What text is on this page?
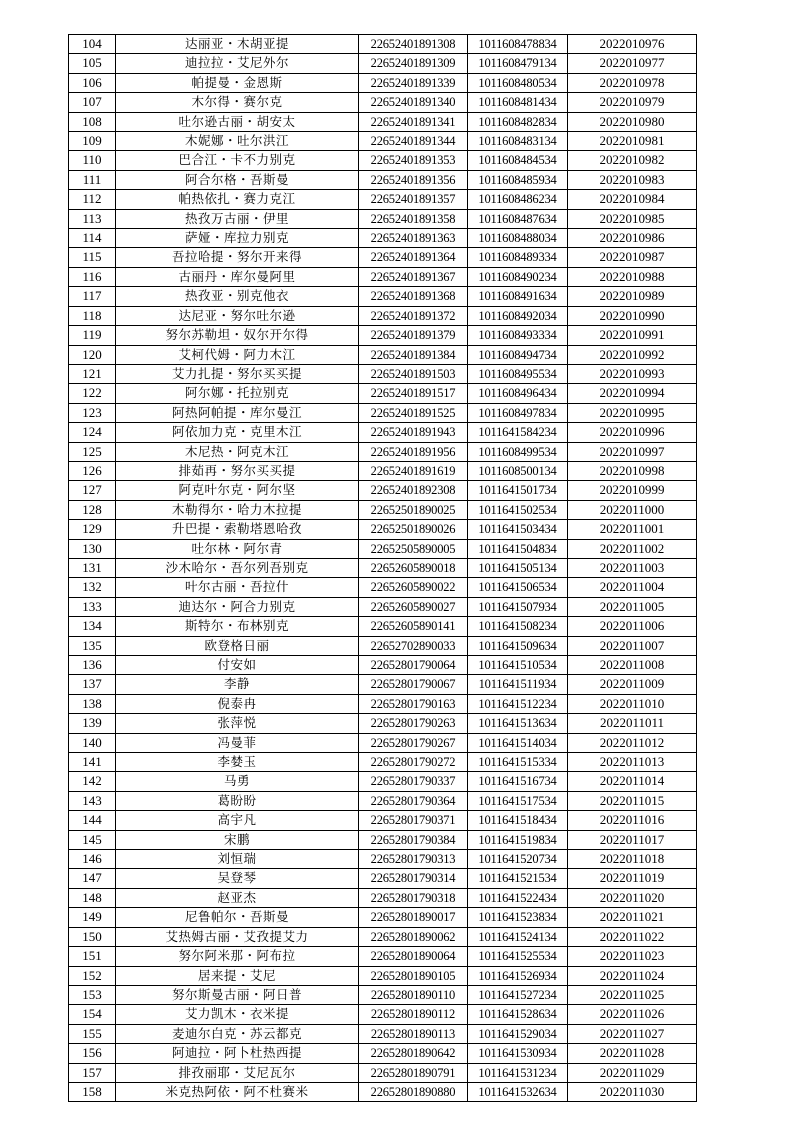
104	达丽亚・木胡亚提	22652401891308	1011608478834	2022010976
105	迪拉拉・艾尼外尔	22652401891309	1011608479134	2022010977
106	帕提曼・金恩斯	22652401891339	1011608480534	2022010978
107	木尔得・赛尔克	22652401891340	1011608481434	2022010979
108	吐尔逊古丽・胡安太	22652401891341	1011608482834	2022010980
109	木妮娜・吐尔洪江	22652401891344	1011608483134	2022010981
110	巴合江・卡不力别克	22652401891353	1011608484534	2022010982
111	阿合尔格・吾斯曼	22652401891356	1011608485934	2022010983
112	帕热依扎・赛力克江	22652401891357	1011608486234	2022010984
113	热孜万古丽・伊里	22652401891358	1011608487634	2022010985
114	萨娅・库拉力别克	22652401891363	1011608488034	2022010986
115	吾拉哈提・努尔开来得	22652401891364	1011608489334	2022010987
116	古丽丹・库尔曼阿里	22652401891367	1011608490234	2022010988
117	热孜亚・别克他衣	22652401891368	1011608491634	2022010989
118	达尼亚・努尔吐尔逊	22652401891372	1011608492034	2022010990
119	努尔苏勒坦・奴尔开尔得	22652401891379	1011608493334	2022010991
120	艾柯代姆・阿力木江	22652401891384	1011608494734	2022010992
121	艾力扎提・努尔买买提	22652401891503	1011608495534	2022010993
122	阿尔娜・托拉别克	22652401891517	1011608496434	2022010994
123	阿热阿帕提・库尔曼江	22652401891525	1011608497834	2022010995
124	阿依加力克・克里木江	22652401891943	1011641584234	2022010996
125	木尼热・阿克木江	22652401891956	1011608499534	2022010997
126	排茹再・努尔买买提	22652401891619	1011608500134	2022010998
127	阿克叶尔克・阿尔坚	22652401892308	1011641501734	2022010999
128	木勒得尔・哈力木拉提	22652501890025	1011641502534	2022011000
129	升巴提・索勒塔恩哈孜	22652501890026	1011641503434	2022011001
130	吐尔林・阿尔青	22652505890005	1011641504834	2022011002
131	沙木哈尔・吾尔列吾别克	22652605890018	1011641505134	2022011003
132	叶尔古丽・吾拉什	22652605890022	1011641506534	2022011004
133	迪达尔・阿合力别克	22652605890027	1011641507934	2022011005
134	斯特尔・布林别克	22652605890141	1011641508234	2022011006
135	欧登格日丽	22652702890033	1011641509634	2022011007
136	付安如	22652801790064	1011641510534	2022011008
137	李静	22652801790067	1011641511934	2022011009
138	倪泰冉	22652801790163	1011641512234	2022011010
139	张萍悦	22652801790263	1011641513634	2022011011
140	冯曼菲	22652801790267	1011641514034	2022011012
141	李婪玉	22652801790272	1011641515334	2022011013
142	马勇	22652801790337	1011641516734	2022011014
143	葛盼盼	22652801790364	1011641517534	2022011015
144	高宇凡	22652801790371	1011641518434	2022011016
145	宋鹏	22652801790384	1011641519834	2022011017
146	刘恒瑞	22652801790313	1011641520734	2022011018
147	吴登琴	22652801790314	1011641521534	2022011019
148	赵亚杰	22652801790318	1011641522434	2022011020
149	尼鲁帕尔・吾斯曼	22652801890017	1011641523834	2022011021
150	艾热姆古丽・艾孜提艾力	22652801890062	1011641524134	2022011022
151	努尔阿米那・阿布拉	22652801890064	1011641525534	2022011023
152	居来提・艾尼	22652801890105	1011641526934	2022011024
153	努尔斯曼古丽・阿日普	22652801890110	1011641527234	2022011025
154	艾力凯木・衣米提	22652801890112	1011641528634	2022011026
155	麦迪尔白克・苏云都克	22652801890113	1011641529034	2022011027
156	阿迪拉・阿卜杜热西提	22652801890642	1011641530934	2022011028
157	排孜丽耶・艾尼瓦尔	22652801890791	1011641531234	2022011029
158	米克热阿依・阿不杜赛米	22652801890880	1011641532634	2022011030
